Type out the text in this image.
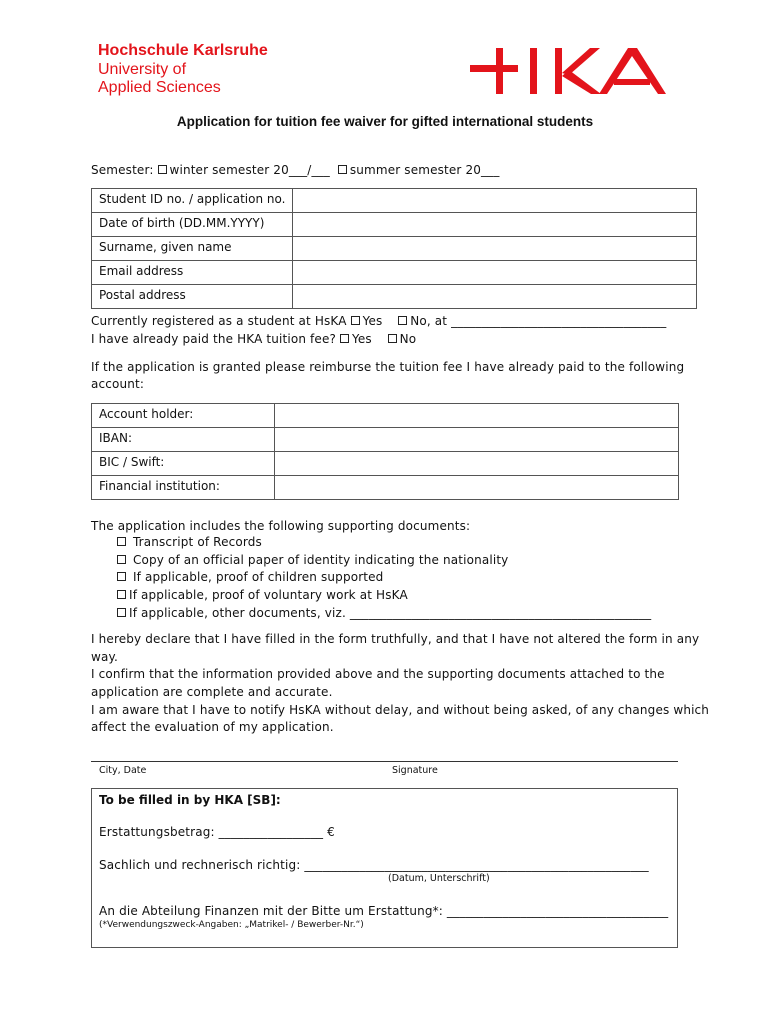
Hochschule Karlsruhe
University of
Applied Sciences
Application for tuition fee waiver for gifted international students
Semester: winter semester 20___/___ summer semester 20___
Student ID no. / application no.	
Date of birth (DD.MM.YYYY)	
Surname, given name	
Email address	
Postal address	
Currently registered as a student at HsKA Yes No, at ___________________________________
I have already paid the HKA tuition fee? Yes No
If the application is granted please reimburse the tuition fee I have already paid to the following
account:
Account holder:	
IBAN:	
BIC / Swift:	
Financial institution:	
The application includes the following supporting documents:
Transcript of Records
Copy of an official paper of identity indicating the nationality
If applicable, proof of children supported
If applicable, proof of voluntary work at HsKA
If applicable, other documents, viz. _________________________________________________
I hereby declare that I have filled in the form truthfully, and that I have not altered the form in any
way.
I confirm that the information provided above and the supporting documents attached to the
application are complete and accurate.
I am aware that I have to notify HsKA without delay, and without being asked, of any changes which
affect the evaluation of my application.
City, Date	Signature
To be filled in by HKA [SB]:
Erstattungsbetrag: _________________ €
Sachlich und rechnerisch richtig: ________________________________________________________
(Datum, Unterschrift)
An die Abteilung Finanzen mit der Bitte um Erstattung*: ____________________________________
(*Verwendungszweck-Angaben: „Matrikel- / Bewerber-Nr.“)
